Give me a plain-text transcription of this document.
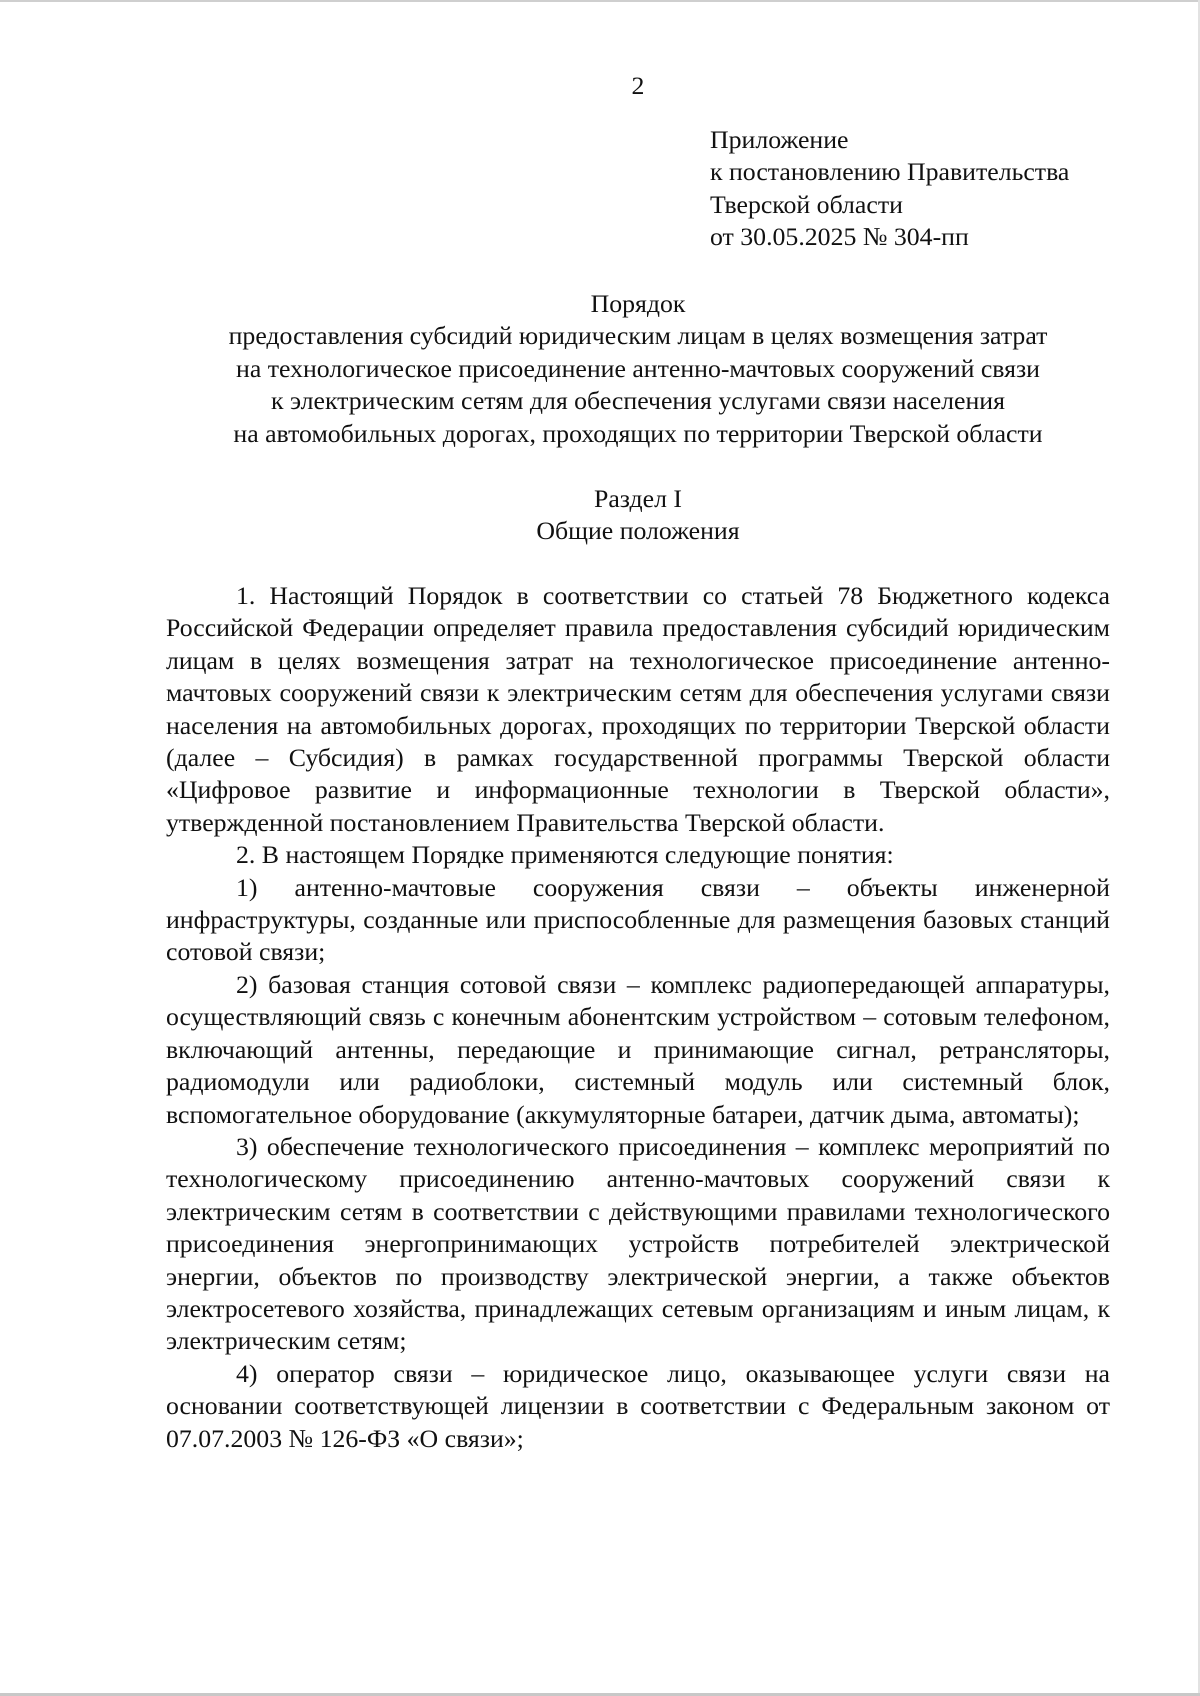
2
Приложение
к постановлению Правительства
Тверской области
от 30.05.2025 № 304-пп
Порядок
предоставления субсидий юридическим лицам в целях возмещения затрат
на технологическое присоединение антенно-мачтовых сооружений связи
к электрическим сетям для обеспечения услугами связи населения
на автомобильных дорогах, проходящих по территории Тверской области
Раздел I
Общие положения

1. Настоящий Порядок в соответствии со статьей 78 Бюджетного кодекса Российской Федерации определяет правила предоставления субсидий юридическим лицам в целях возмещения затрат на технологическое присоединение антенно-мачтовых сооружений связи к электрическим сетям для обеспечения услугами связи населения на автомобильных дорогах, проходящих по территории Тверской области (далее – Субсидия) в рамках государственной программы Тверской области «Цифровое развитие и информационные технологии в Тверской области», утвержденной постановлением Правительства Тверской области.

2. В настоящем Порядке применяются следующие понятия:

1) антенно-мачтовые сооружения связи – объекты инженерной инфраструктуры, созданные или приспособленные для размещения базовых станций сотовой связи;

2) базовая станция сотовой связи – комплекс радиопередающей аппаратуры, осуществляющий связь с конечным абонентским устройством – сотовым телефоном, включающий антенны, передающие и принимающие сигнал, ретрансляторы, радиомодули или радиоблоки, системный модуль или системный блок, вспомогательное оборудование (аккумуляторные батареи, датчик дыма, автоматы);

3) обеспечение технологического присоединения – комплекс мероприятий по технологическому присоединению антенно-мачтовых сооружений связи к электрическим сетям в соответствии с действующими правилами технологического присоединения энергопринимающих устройств потребителей электрической энергии, объектов по производству электрической энергии, а также объектов электросетевого хозяйства, принадлежащих сетевым организациям и иным лицам, к электрическим сетям;

4) оператор связи – юридическое лицо, оказывающее услуги связи на основании соответствующей лицензии в соответствии с Федеральным законом от 07.07.2003 № 126-ФЗ «О связи»;
